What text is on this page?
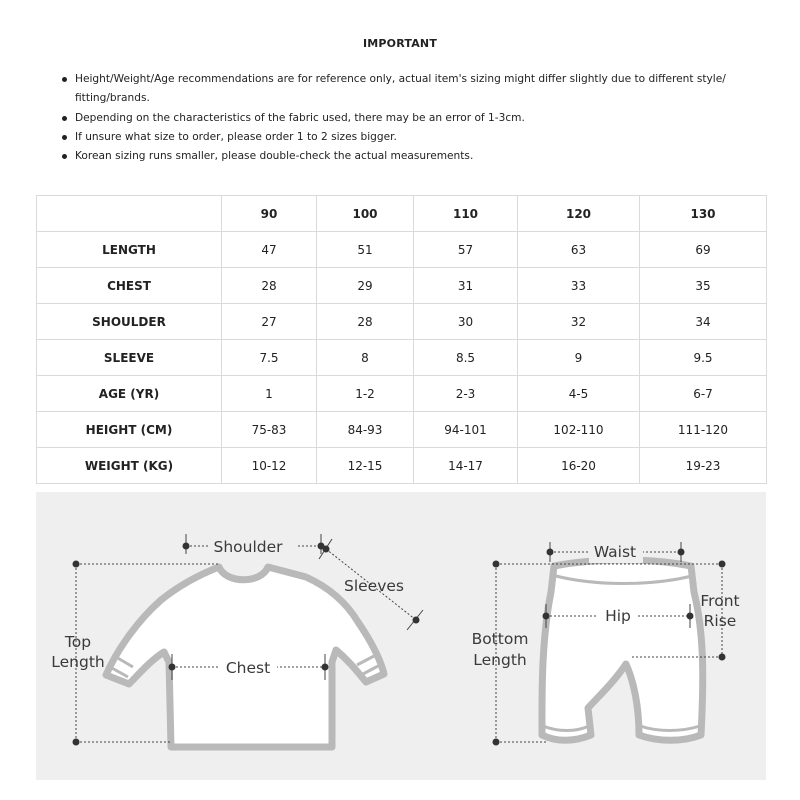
IMPORTANT
Height/Weight/Age recommendations are for reference only, actual item's sizing might differ slightly due to different style/ fitting/brands.
Depending on the characteristics of the fabric used, there may be an error of 1-3cm.
If unsure what size to order, please order 1 to 2 sizes bigger.
Korean sizing runs smaller, please double-check the actual measurements.
	90	100	110	120	130
LENGTH	47	51	57	63	69
CHEST	28	29	31	33	35
SHOULDER	27	28	30	32	34
SLEEVE	7.5	8	8.5	9	9.5
AGE (YR)	1	1-2	2-3	4-5	6-7
HEIGHT (CM)	75-83	84-93	94-101	102-110	111-120
WEIGHT (KG)	10-12	12-15	14-17	16-20	19-23
Shoulder
Sleeves
Chest
Top
Length
Waist
Hip
Front
Rise
Bottom
Length
